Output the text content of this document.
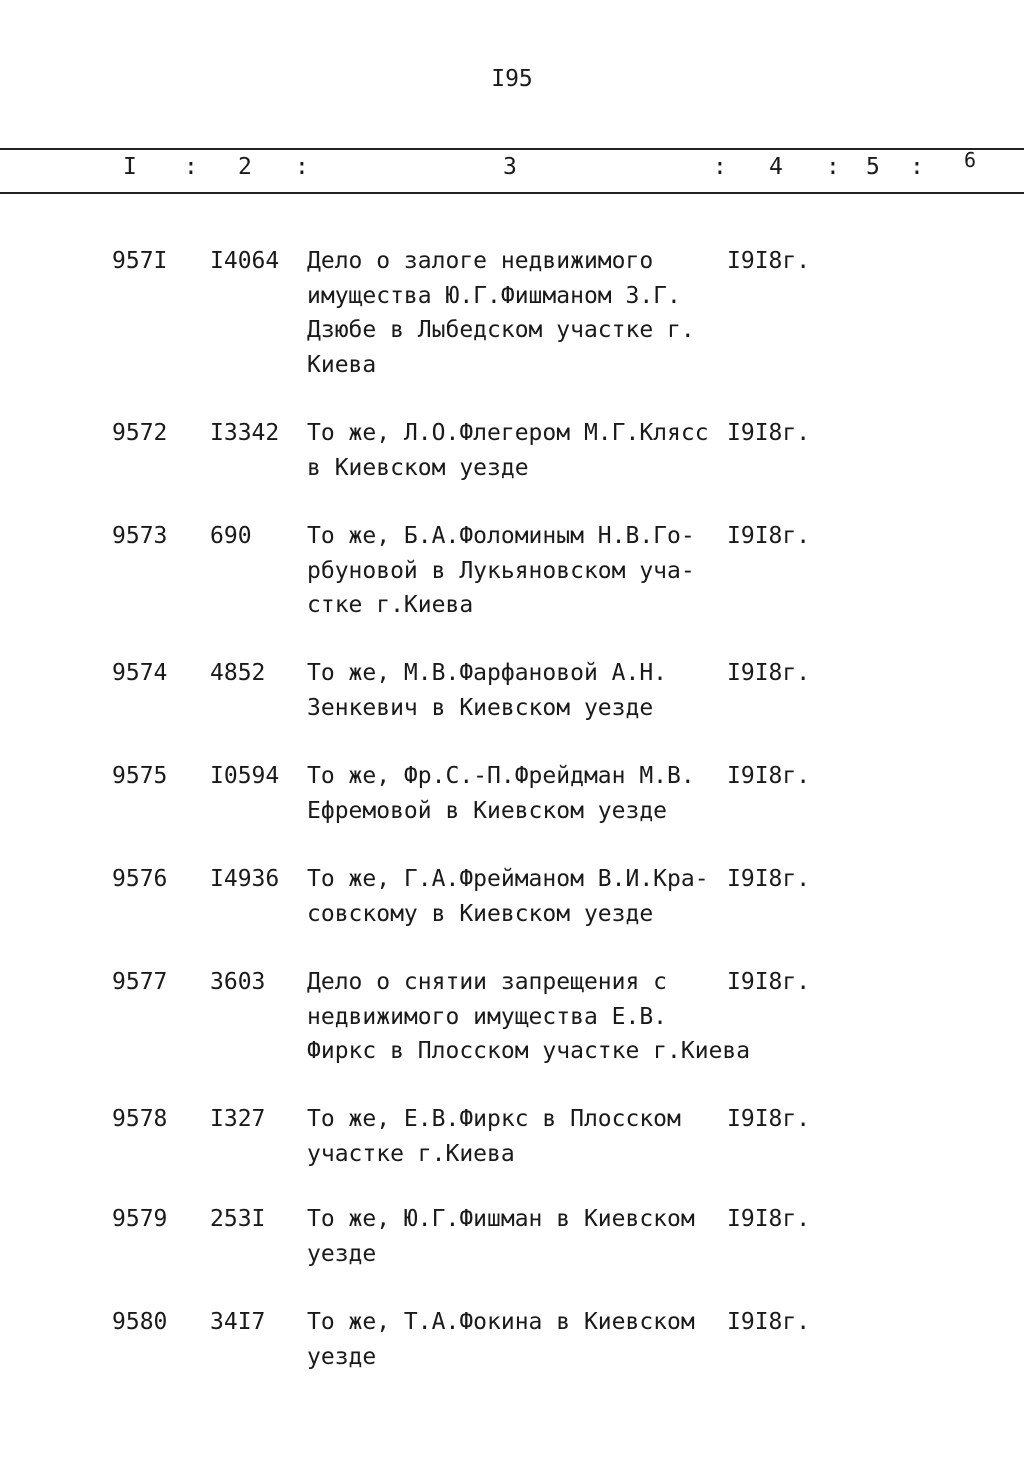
I95
I : 2 :	3	: 4 : 5 : 6
957I I4064 Дело о залоге недвижимого
имущества Ю.Г.Фишманом З.Г.
Дзюбе в Лыбедском участке г.
Киева
I9I8г.
9572 I3342 То же, Л.О.Флегером М.Г.Клясс
в Киевском уезде
I9I8г.
9573 690 То же, Б.А.Фоломиным Н.В.Го-
рбуновой в Лукьяновском уча-
стке г.Киева
I9I8г.
9574 4852 То же, М.В.Фарфановой А.Н.
Зенкевич в Киевском уезде
I9I8г.
9575 I0594 То же, Фр.С.-П.Фрейдман М.В.
Ефремовой в Киевском уезде
I9I8г.
9576 I4936 То же, Г.А.Фрейманом В.И.Кра-
совскому в Киевском уезде
I9I8г.
9577 3603 Дело о снятии запрещения с
недвижимого имущества Е.В.
Фиркс в Плосском участке г.Киева
I9I8г.
9578 I327 То же, Е.В.Фиркс в Плосском
участке г.Киева
I9I8г.
9579 253I То же, Ю.Г.Фишман в Киевском
уезде
I9I8г.
9580 34I7 То же, Т.А.Фокина в Киевском
уезде
I9I8г.
